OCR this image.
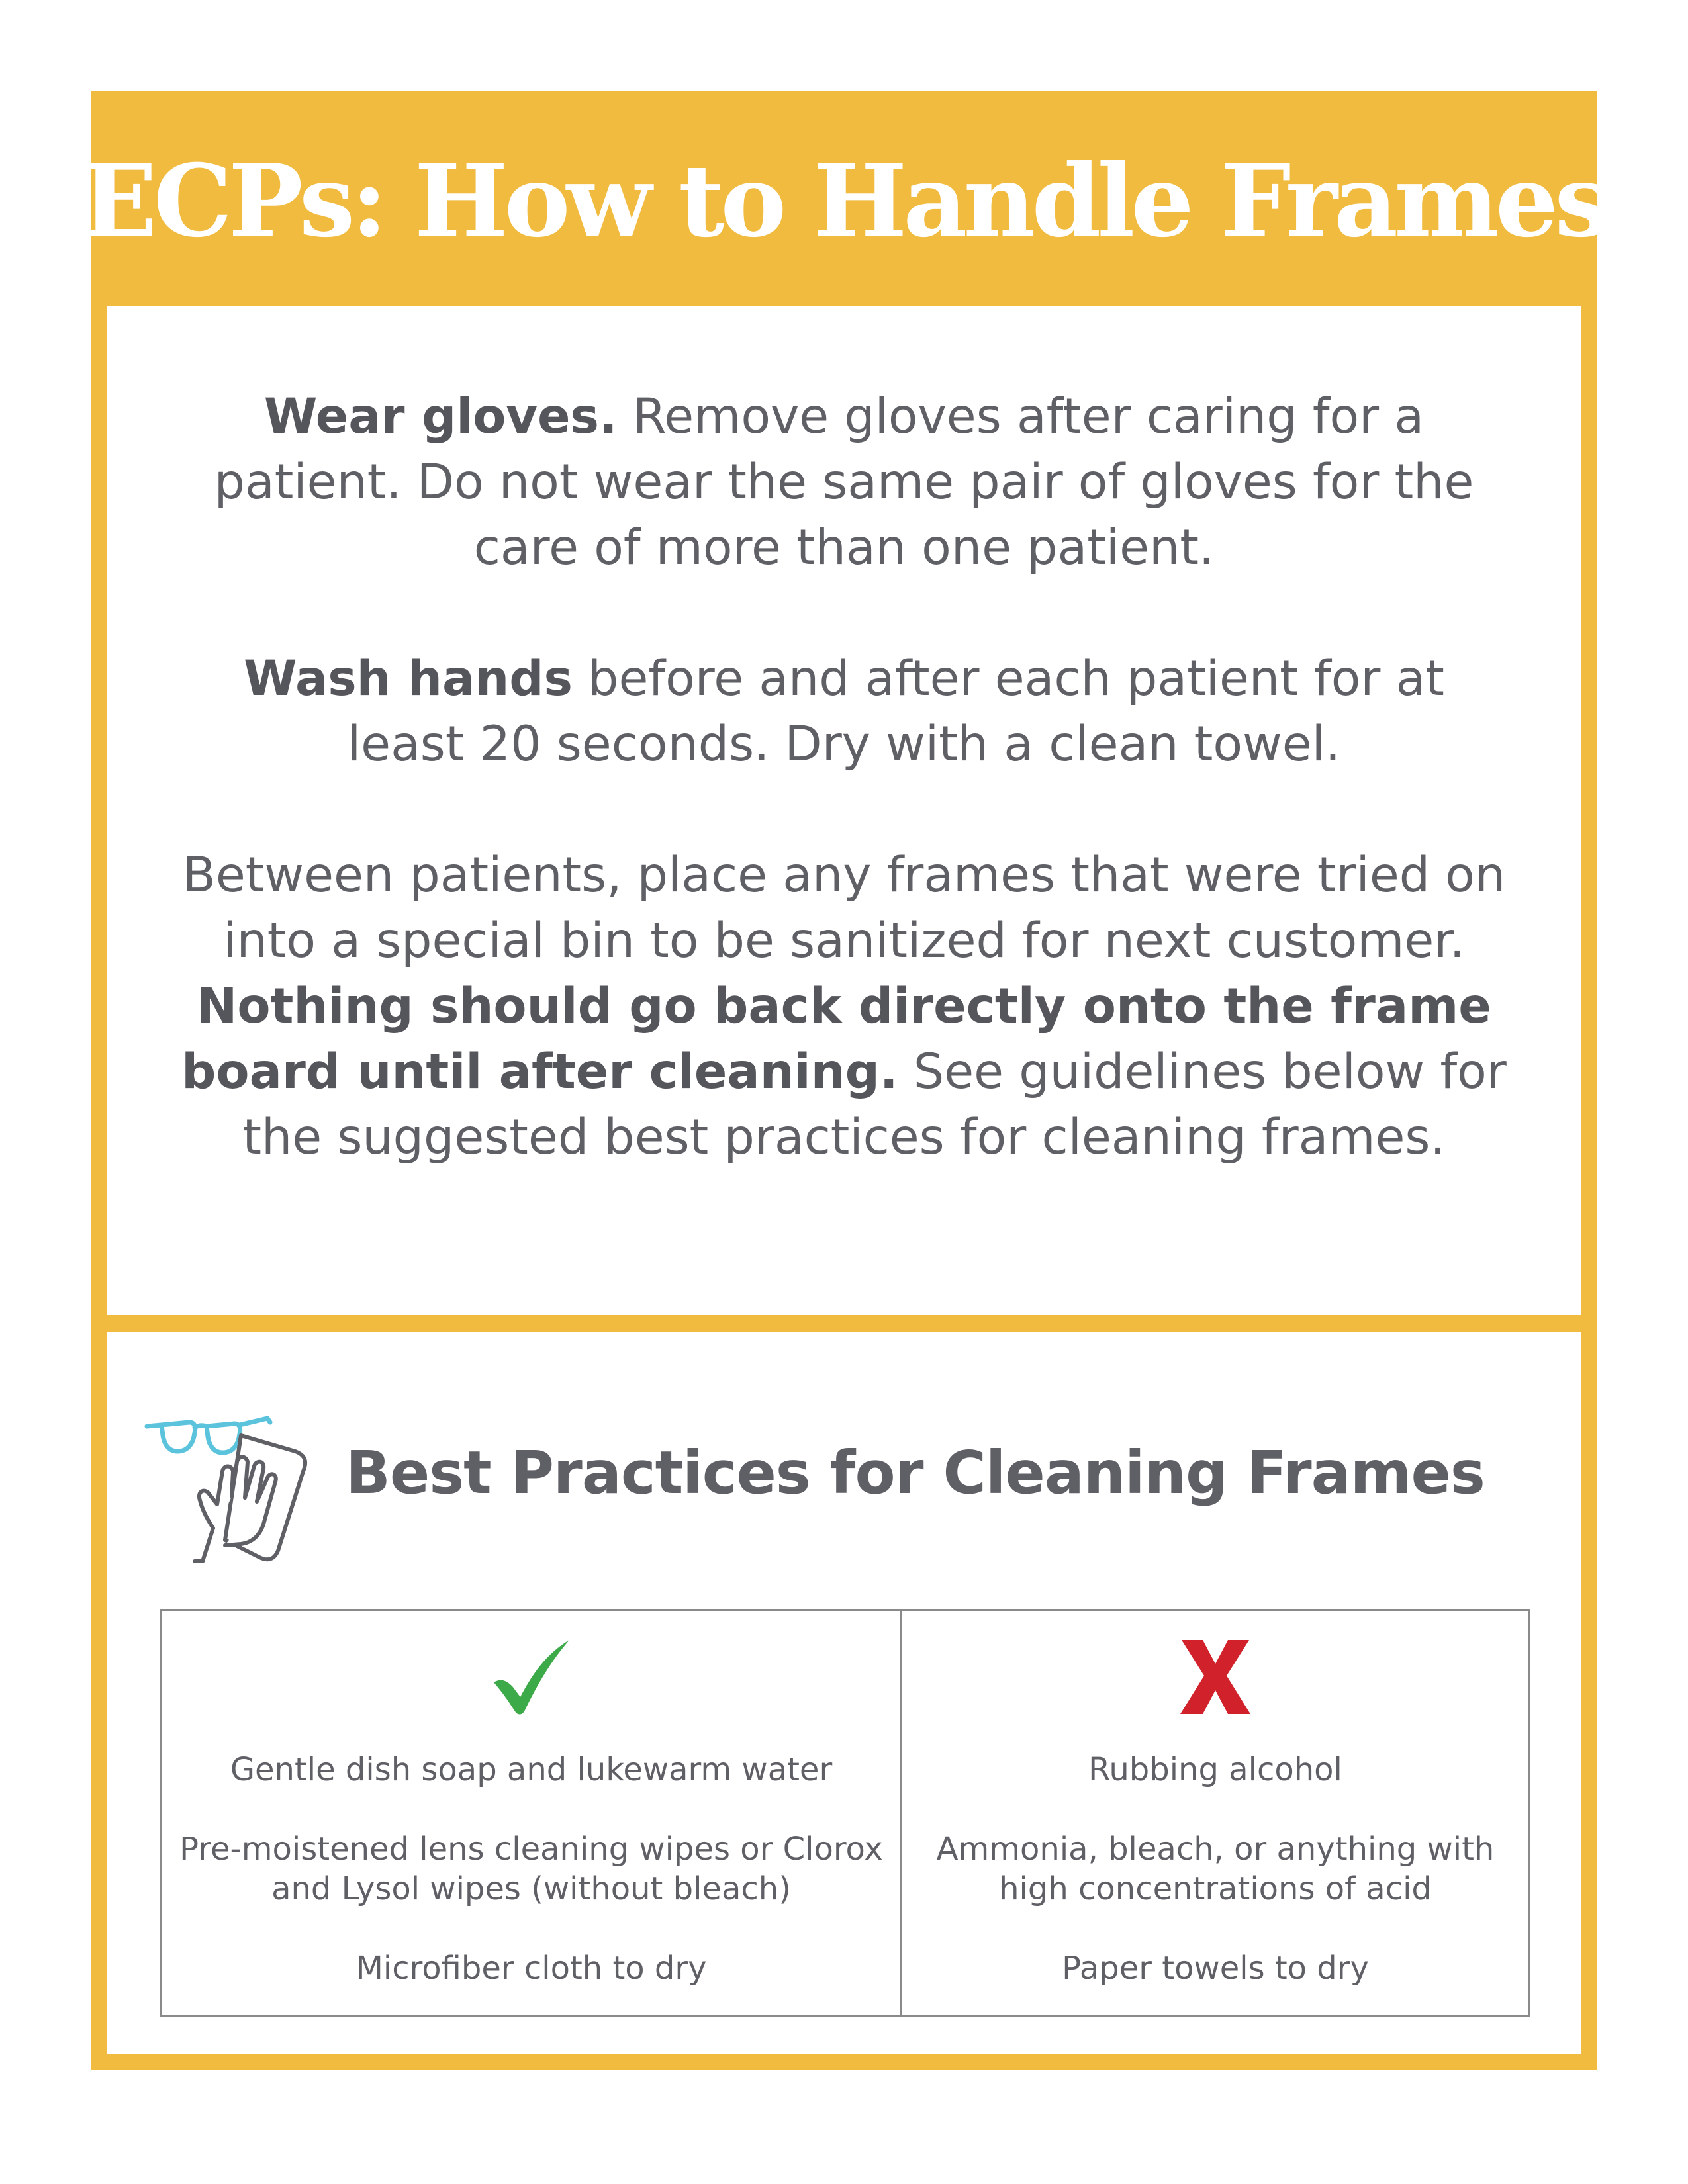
ECPs: How to Handle Frames

Wear gloves. Remove gloves after caring for a patient. Do not wear the same pair of gloves for the care of more than one patient.

Wash hands before and after each patient for at least 20 seconds. Dry with a clean towel.

Between patients, place any frames that were tried on into a special bin to be sanitized for next customer. Nothing should go back directly onto the frame board until after cleaning. See guidelines below for the suggested best practices for cleaning frames.

Best Practices for Cleaning Frames
Gentle dish soap and lukewarm water
Pre-moistened lens cleaning wipes or Clorox and Lysol wipes (without bleach)
Microfiber cloth to dry
Rubbing alcohol
Ammonia, bleach, or anything with high concentrations of acid
Paper towels to dry
